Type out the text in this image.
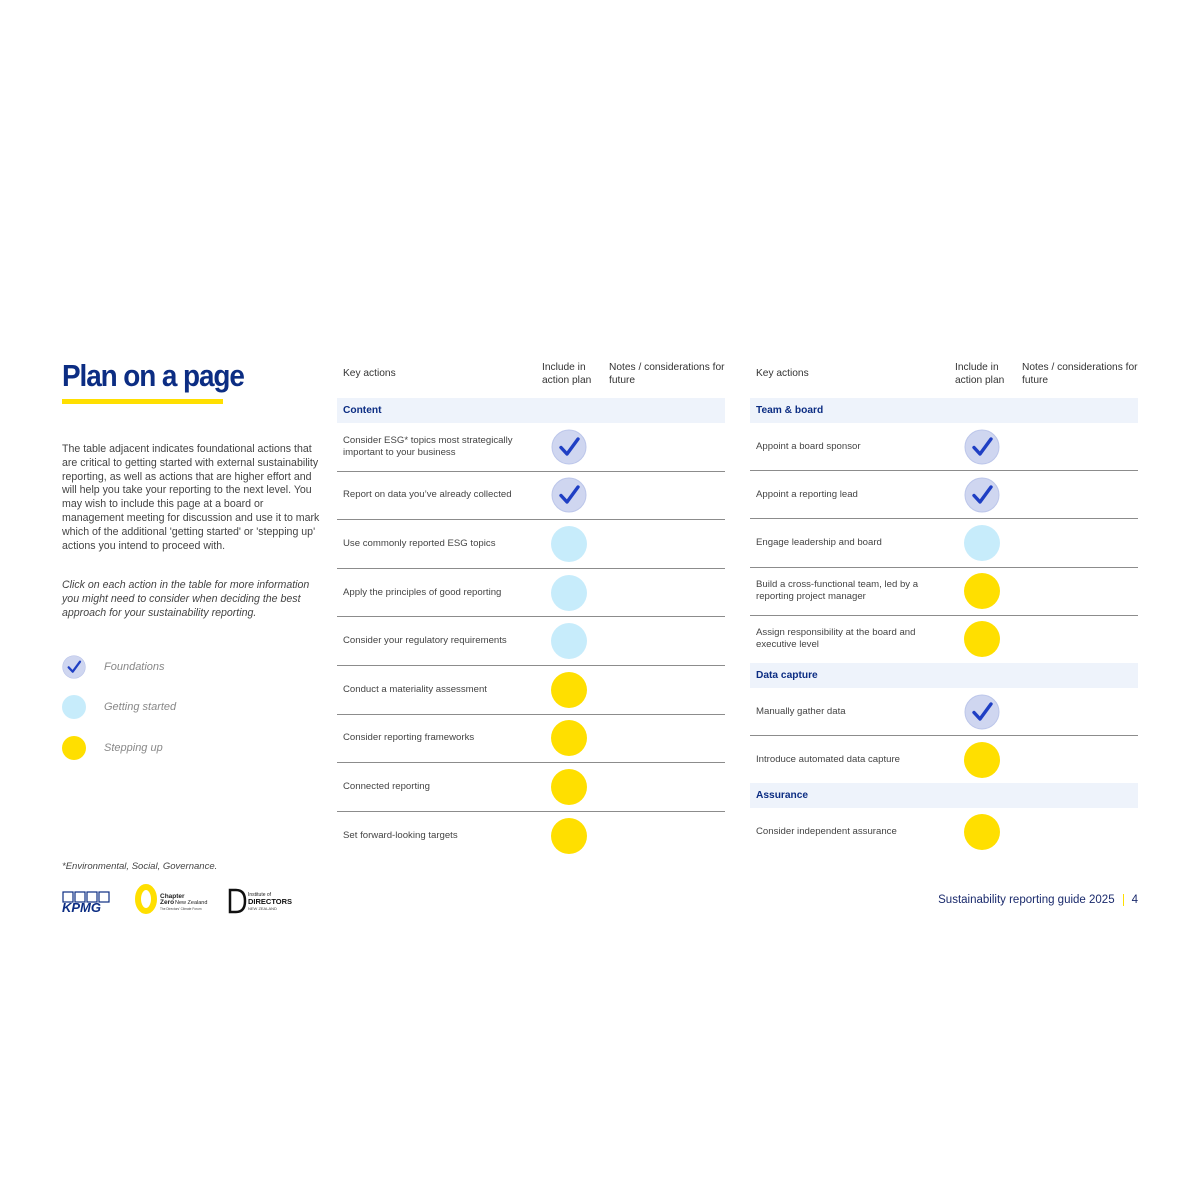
Plan on a page

The table adjacent indicates foundational actions that are critical to getting started with external sustainability reporting, as well as actions that are higher effort and will help you take your reporting to the next level. You may wish to include this page at a board or management meeting for discussion and use it to mark which of the additional 'getting started' or 'stepping up' actions you intend to proceed with.

Click on each action in the table for more information you might need to consider when deciding the best approach for your sustainability reporting.

Foundations
Getting started
Stepping up
*Environmental, Social, Governance.
KPMG
Chapter
Zero New Zealand
The Directors' Climate Forum
Institute of
DIRECTORS
NEW ZEALAND
Sustainability reporting guide 2025 4
Key actions
Include in action plan
Notes / considerations for future
Content
Consider ESG* topics most strategically important to your business
Report on data you’ve already collected
Use commonly reported ESG topics
Apply the principles of good reporting
Consider your regulatory requirements
Conduct a materiality assessment
Consider reporting frameworks
Connected reporting
Set forward-looking targets
Key actions
Include in action plan
Notes / considerations for future
Team & board
Appoint a board sponsor
Appoint a reporting lead
Engage leadership and board
Build a cross-functional team, led by a reporting project manager
Assign responsibility at the board and executive level
Data capture
Manually gather data
Introduce automated data capture
Assurance
Consider independent assurance
